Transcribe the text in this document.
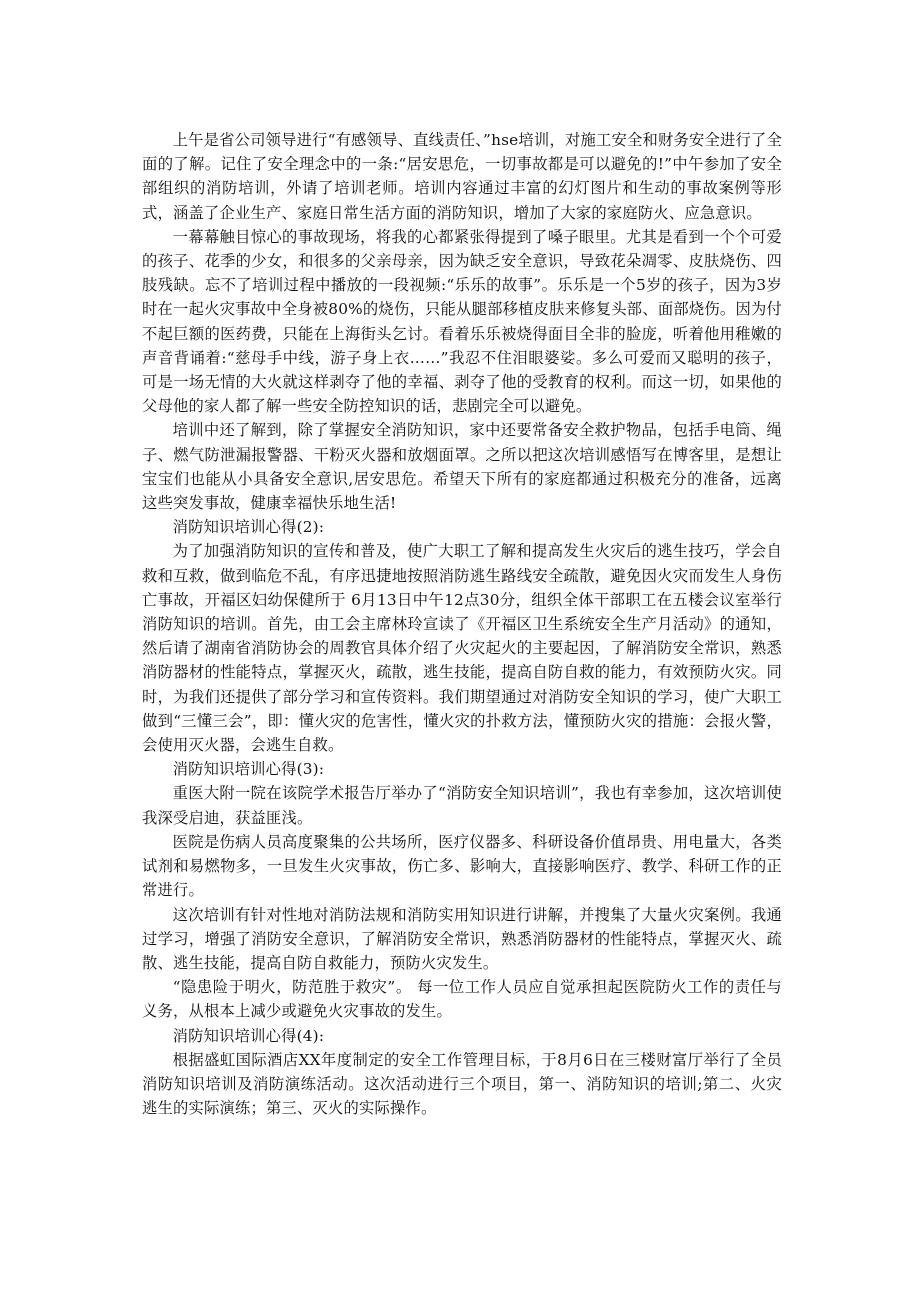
上午是省公司领导进行“有感领导、直线责任、”hse培训，对施工安全和财务安全进行了全面的了解。记住了安全理念中的一条:“居安思危，一切事故都是可以避免的!”中午参加了安全部组织的消防培训，外请了培训老师。培训内容通过丰富的幻灯图片和生动的事故案例等形式，涵盖了企业生产、家庭日常生活方面的消防知识，增加了大家的家庭防火、应急意识。

一幕幕触目惊心的事故现场，将我的心都紧张得提到了嗓子眼里。尤其是看到一个个可爱的孩子、花季的少女，和很多的父亲母亲，因为缺乏安全意识，导致花朵凋零、皮肤烧伤、四肢残缺。忘不了培训过程中播放的一段视频:“乐乐的故事”。乐乐是一个5岁的孩子，因为3岁时在一起火灾事故中全身被80%的烧伤，只能从腿部移植皮肤来修复头部、面部烧伤。因为付不起巨额的医药费，只能在上海街头乞讨。看着乐乐被烧得面目全非的脸庞，听着他用稚嫩的声音背诵着:“慈母手中线，游子身上衣……”我忍不住泪眼婆娑。多么可爱而又聪明的孩子，可是一场无情的大火就这样剥夺了他的幸福、剥夺了他的受教育的权利。而这一切，如果他的父母他的家人都了解一些安全防控知识的话，悲剧完全可以避免。

培训中还了解到，除了掌握安全消防知识，家中还要常备安全救护物品，包括手电筒、绳子、燃气防泄漏报警器、干粉灭火器和放烟面罩。之所以把这次培训感悟写在博客里，是想让宝宝们也能从小具备安全意识,居安思危。希望天下所有的家庭都通过积极充分的准备，远离这些突发事故，健康幸福快乐地生活!

消防知识培训心得(2):

为了加强消防知识的宣传和普及，使广大职工了解和提高发生火灾后的逃生技巧，学会自救和互救，做到临危不乱，有序迅捷地按照消防逃生路线安全疏散，避免因火灾而发生人身伤亡事故，开福区妇幼保健所于 6月13日中午12点30分，组织全体干部职工在五楼会议室举行消防知识的培训。首先，由工会主席林玲宣读了《开福区卫生系统安全生产月活动》的通知，然后请了湖南省消防协会的周教官具体介绍了火灾起火的主要起因，了解消防安全常识，熟悉消防器材的性能特点，掌握灭火，疏散，逃生技能，提高自防自救的能力，有效预防火灾。同时，为我们还提供了部分学习和宣传资料。我们期望通过对消防安全知识的学习，使广大职工做到“三懂三会”，即：懂火灾的危害性，懂火灾的扑救方法，懂预防火灾的措施：会报火警，会使用灭火器，会逃生自救。

消防知识培训心得(3):

重医大附一院在该院学术报告厅举办了“消防安全知识培训”，我也有幸参加，这次培训使我深受启迪，获益匪浅。

医院是伤病人员高度聚集的公共场所，医疗仪器多、科研设备价值昂贵、用电量大，各类试剂和易燃物多，一旦发生火灾事故，伤亡多、影响大，直接影响医疗、教学、科研工作的正常进行。

这次培训有针对性地对消防法规和消防实用知识进行讲解，并搜集了大量火灾案例。我通过学习，增强了消防安全意识，了解消防安全常识，熟悉消防器材的性能特点，掌握灭火、疏散、逃生技能，提高自防自救能力，预防火灾发生。

“隐患险于明火，防范胜于救灾”。 每一位工作人员应自觉承担起医院防火工作的责任与义务，从根本上减少或避免火灾事故的发生。

消防知识培训心得(4):

根据盛虹国际酒店XX年度制定的安全工作管理目标，于8月6日在三楼财富厅举行了全员消防知识培训及消防演练活动。这次活动进行三个项目，第一、消防知识的培训;第二、火灾逃生的实际演练；第三、灭火的实际操作。
